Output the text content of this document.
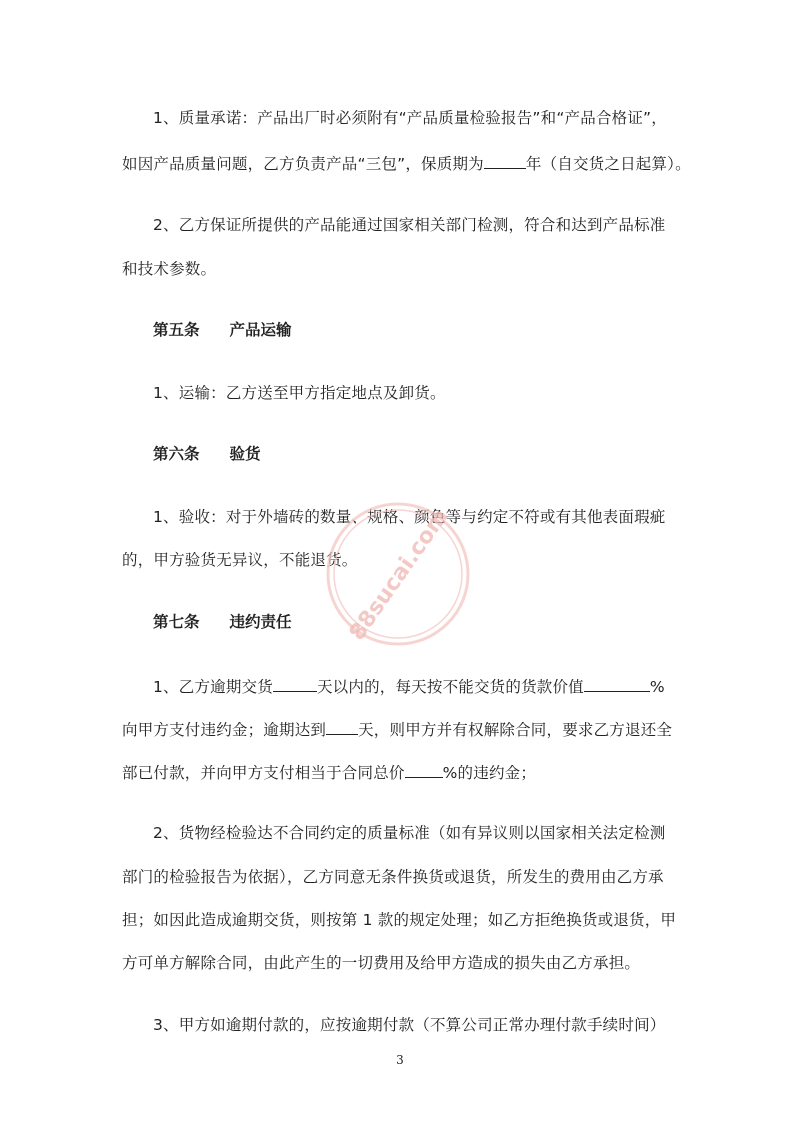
1、质量承诺：产品出厂时必须附有“产品质量检验报告”和“产品合格证”，
如因产品质量问题，乙方负责产品“三包”，保质期为	年（自交货之日起算）。
2、乙方保证所提供的产品能通过国家相关部门检测，符合和达到产品标准
和技术参数。
第五条 产品运输
1、运输：乙方送至甲方指定地点及卸货。
第六条 验货
1、验收：对于外墙砖的数量、规格、颜色等与约定不符或有其他表面瑕疵
的，甲方验货无异议，不能退货。
第七条 违约责任
1、乙方逾期交货	天以内的，每天按不能交货的货款价值	%
向甲方支付违约金；逾期达到 天，则甲方并有权解除合同，要求乙方退还全
部已付款，并向甲方支付相当于合同总价 %的违约金；
2、货物经检验达不合同约定的质量标准（如有异议则以国家相关法定检测
部门的检验报告为依据），乙方同意无条件换货或退货，所发生的费用由乙方承
担；如因此造成逾期交货，则按第 1 款的规定处理；如乙方拒绝换货或退货，甲
方可单方解除合同，由此产生的一切费用及给甲方造成的损失由乙方承担。
3、甲方如逾期付款的，应按逾期付款（不算公司正常办理付款手续时间）
88sucai.com
3
